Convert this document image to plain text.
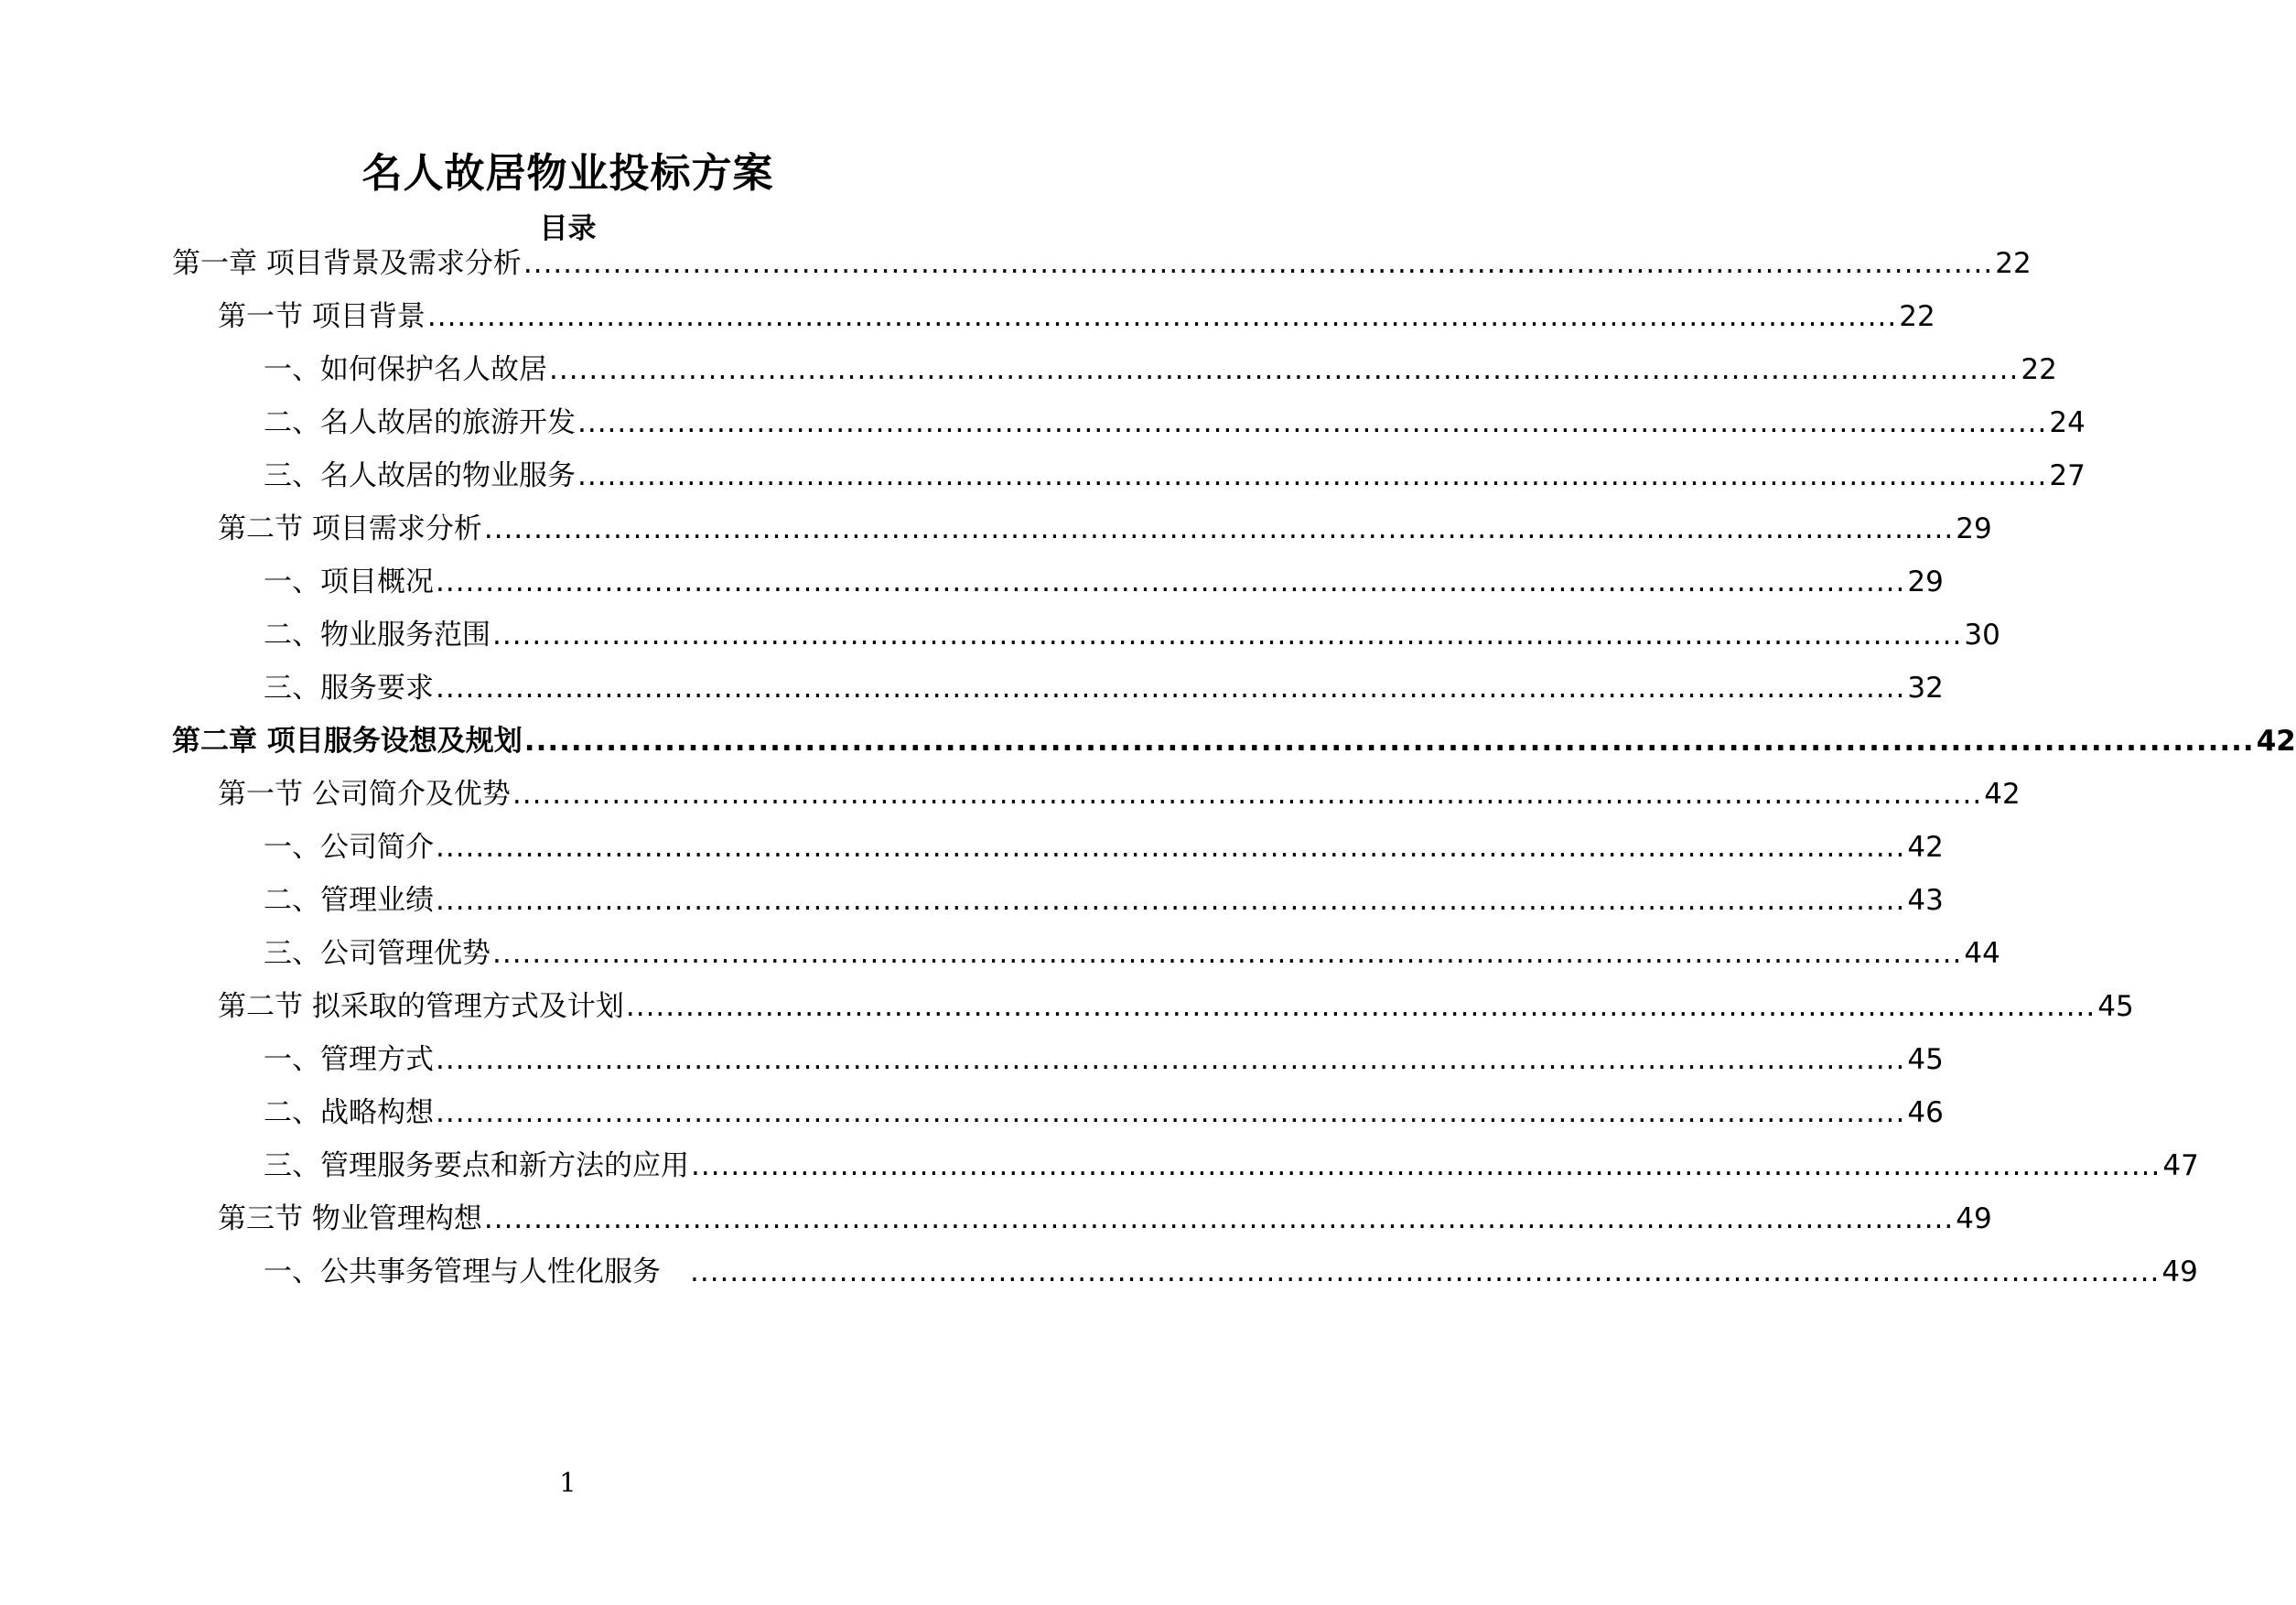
名人故居物业投标方案
目录
第一章 项目背景及需求分析 .................................................................................................................................................... 22
第一节 项目背景 .................................................................................................................................................... 22
一、如何保护名人故居 .................................................................................................................................................... 22
二、名人故居的旅游开发 .................................................................................................................................................... 24
三、名人故居的物业服务 .................................................................................................................................................... 27
第二节 项目需求分析 .................................................................................................................................................... 29
一、项目概况 .................................................................................................................................................... 29
二、物业服务范围 .................................................................................................................................................... 30
三、服务要求 .................................................................................................................................................... 32
第二章 项目服务设想及规划 .................................................................................................................................................... 42
第一节 公司简介及优势 .................................................................................................................................................... 42
一、公司简介 .................................................................................................................................................... 42
二、管理业绩 .................................................................................................................................................... 43
三、公司管理优势 .................................................................................................................................................... 44
第二节 拟采取的管理方式及计划 .................................................................................................................................................... 45
一、管理方式 .................................................................................................................................................... 45
二、战略构想 .................................................................................................................................................... 46
三、管理服务要点和新方法的应用 .................................................................................................................................................... 47
第三节 物业管理构想 .................................................................................................................................................... 49
一、公共事务管理与人性化服务 .................................................................................................................................................... 49
1
